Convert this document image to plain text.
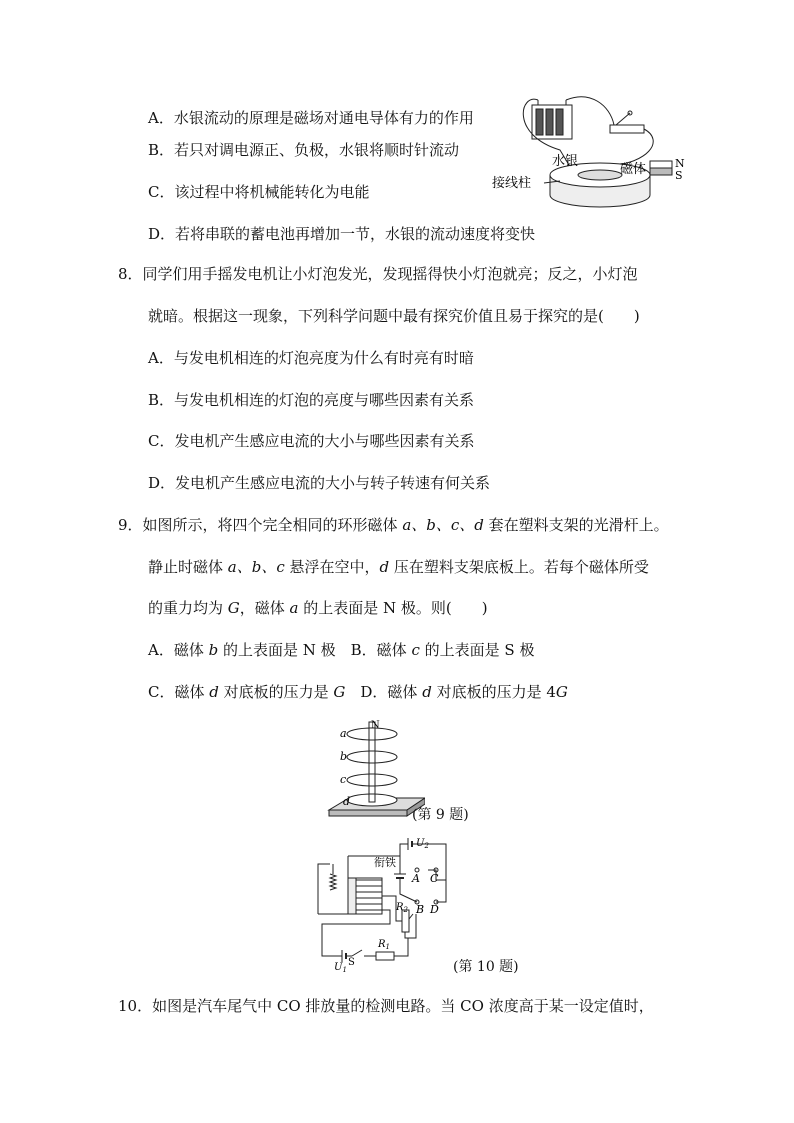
A．水银流动的原理是磁场对通电导体有力的作用
B．若只对调电源正、负极，水银将顺时针流动
C．该过程中将机械能转化为电能
D．若将串联的蓄电池再增加一节，水银的流动速度将变快
N
S
水银
磁体
接线柱
8．同学们用手摇发电机让小灯泡发光，发现摇得快小灯泡就亮；反之，小灯泡
就暗。根据这一现象，下列科学问题中最有探究价值且易于探究的是(　　)
A．与发电机相连的灯泡亮度为什么有时亮有时暗
B．与发电机相连的灯泡的亮度与哪些因素有关系
C．发电机产生感应电流的大小与哪些因素有关系
D．发电机产生感应电流的大小与转子转速有何关系
9．如图所示，将四个完全相同的环形磁体 a、b、c、d 套在塑料支架的光滑杆上。
静止时磁体 a、b、c 悬浮在空中，d 压在塑料支架底板上。若每个磁体所受
的重力均为 G，磁体 a 的上表面是 N 极。则(　　)
A．磁体 b 的上表面是 N 极　B．磁体 c 的上表面是 S 极
C．磁体 d 对底板的压力是 G　D．磁体 d 对底板的压力是 4G
N
a
b
c
d
(第 9 题)
衔铁
$U_2$
A C
B D
$R_2$
$R_1$
S
$U_1$	(第 10 题)
10．如图是汽车尾气中 CO 排放量的检测电路。当 CO 浓度高于某一设定值时，
